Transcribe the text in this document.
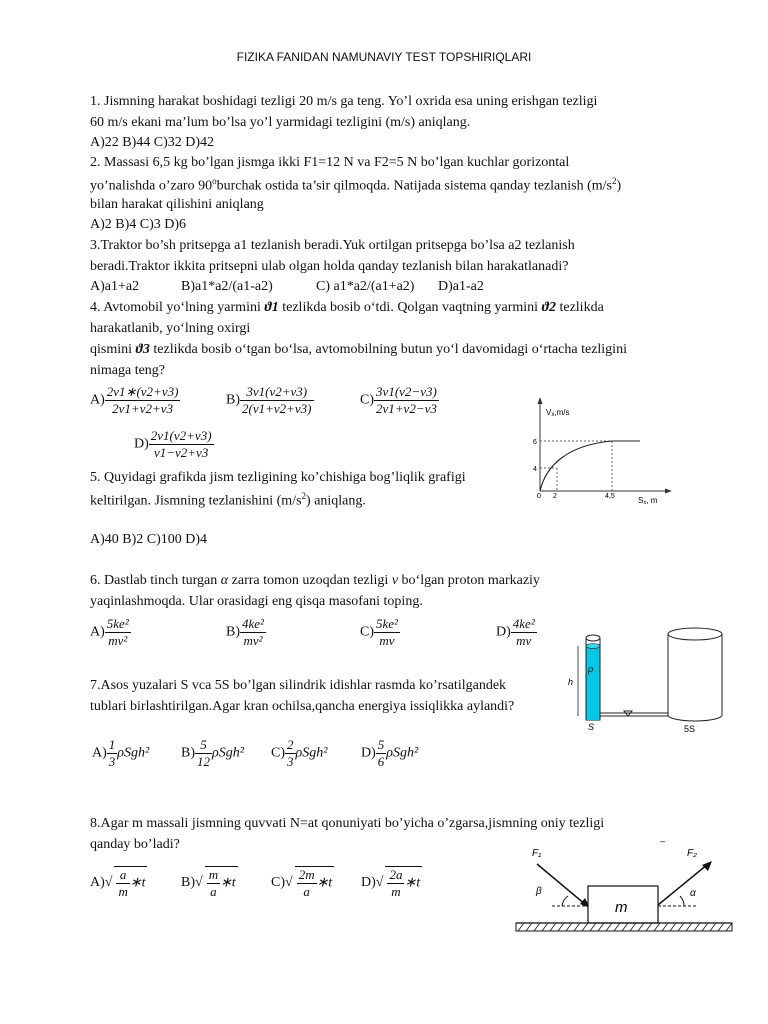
FIZIKA FANIDAN NAMUNAVIY TEST TOPSHIRIQLARI
1. Jismning harakat boshidagi tezligi 20 m/s ga teng. Yo’l oxrida esa uning erishgan tezligi
60 m/s ekani ma’lum bo’lsa yo’l yarmidagi tezligini (m/s) aniqlang.
A)22 B)44 C)32 D)42
2. Massasi 6,5 kg bo’lgan jismga ikki F1=12 N va F2=5 N bo’lgan kuchlar gorizontal
yo’nalishda o’zaro 90$^o$burchak ostida ta’sir qilmoqda. Natijada sistema qanday tezlanish $(m/s^2)$
bilan harakat qilishini aniqlang
A)2 B)4 C)3 D)6
3.Traktor bo’sh pritsepga a1 tezlanish beradi.Yuk ortilgan pritsepga bo’lsa a2 tezlanish
beradi.Traktor ikkita pritsepni ulab olgan holda qanday tezlanish bilan harakatlanadi?
A)a1+a2	B)a1*a2/(a1-a2)	C) a1*a2/(a1+a2) D)a1-a2
4. Avtomobil yo‘lning yarmini ϑ1 tezlikda bosib o‘tdi. Qolgan vaqtning yarmini ϑ2 tezlikda
harakatlanib, yo‘lning oxirgi
qismini ϑ3 tezlikda bosib o‘tgan bo‘lsa, avtomobilning butun yo‘l davomidagi o‘rtacha tezligini
nimaga teng?
$A) \frac{2v1∗(v2+v3)}{2v1+v2+v3}$	$B) \frac{3v1(v2+v3)}{2(v1+v2+v3)}$	$C) \frac{3v1(v2-v3)}{2v1+v2-v3}$
$D) \frac{2v1(v2+v3)}{v1-v2+v3}$
5. Quyidagi grafikda jism tezligining ko’chishiga bog’liqlik grafigi
keltirilgan. Jismning tezlanishini $(m/s^2)$ aniqlang.
A)40 B)2 C)100 D)4
Vx,m/s
Sx, m
6
4
0 2	4,5
6. Dastlab tinch turgan α zarra tomon uzoqdan tezligi v bo‘lgan proton markaziy
yaqinlashmoqda. Ular orasidagi eng qisqa masofani toping.
$A) \frac{\text{5ke²}}{\text{mv²}}$	$B) \frac{\text{4ke²}}{\text{mv²}}$	$C) \frac{\text{5ke²}}{mv}$	$D) \frac{\text{4ke²}}{mv}$
7.Asos yuzalari S vca 5S bo’lgan silindrik idishlar rasmda ko’rsatilgandek
tublari birlashtirilgan.Agar kran ochilsa,qancha energiya issiqlikka aylandi?
$A) \frac{1}{3} \rho Sgh^2$ $B) \frac{5}{12} \rho Sgh^2$ $C) \frac{2}{3} \rho Sgh^2$ $D) \frac{5}{6} \rho Sgh^2$
h
ρ
S	5S
8.Agar m massali jismning quvvati N=at qonuniyati bo’yicha o’zgarsa,jismning oniy tezligi
qanday bo’ladi?
$A)√ \frac{a}{m}$ ∗t	$B)√ \frac{m}{a}$ ∗t	$C)√ \frac{2m}{a}$ ∗t $D)√ \frac{2a}{m}$ ∗t
–
F₁	F₂
β	α
m
